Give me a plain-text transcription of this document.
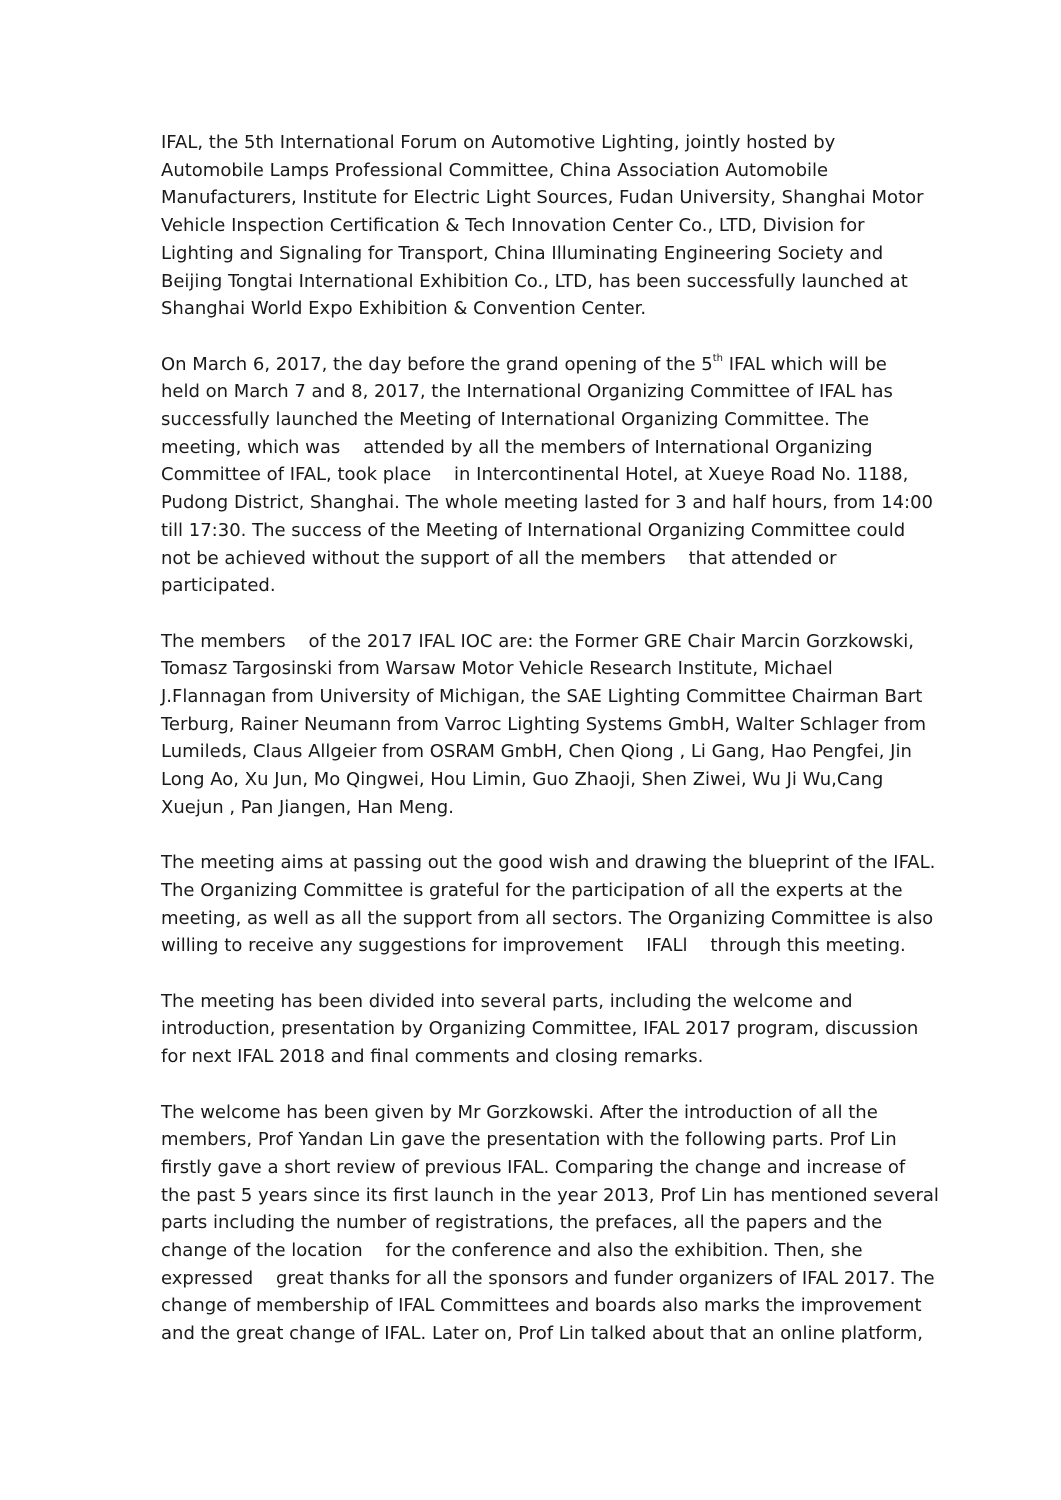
IFAL, the 5th International Forum on Automotive Lighting, jointly hosted by
Automobile Lamps Professional Committee, China Association Automobile
Manufacturers, Institute for Electric Light Sources, Fudan University, Shanghai Motor
Vehicle Inspection Certification & Tech Innovation Center Co., LTD, Division for
Lighting and Signaling for Transport, China Illuminating Engineering Society and
Beijing Tongtai International Exhibition Co., LTD, has been successfully launched at
Shanghai World Expo Exhibition & Convention Center.
On March 6, 2017, the day before the grand opening of the 5th IFAL which will be
held on March 7 and 8, 2017, the International Organizing Committee of IFAL has
successfully launched the Meeting of International Organizing Committee. The
meeting, which was    attended by all the members of International Organizing
Committee of IFAL, took place    in Intercontinental Hotel, at Xueye Road No. 1188,
Pudong District, Shanghai. The whole meeting lasted for 3 and half hours, from 14:00
till 17:30. The success of the Meeting of International Organizing Committee could
not be achieved without the support of all the members    that attended or
participated.
The members    of the 2017 IFAL IOC are: the Former GRE Chair Marcin Gorzkowski,
Tomasz Targosinski from Warsaw Motor Vehicle Research Institute, Michael
J.Flannagan from University of Michigan, the SAE Lighting Committee Chairman Bart
Terburg, Rainer Neumann from Varroc Lighting Systems GmbH, Walter Schlager from
Lumileds, Claus Allgeier from OSRAM GmbH, Chen Qiong , Li Gang, Hao Pengfei, Jin
Long Ao, Xu Jun, Mo Qingwei, Hou Limin, Guo Zhaoji, Shen Ziwei, Wu Ji Wu,Cang
Xuejun , Pan Jiangen, Han Meng.
The meeting aims at passing out the good wish and drawing the blueprint of the IFAL.
The Organizing Committee is grateful for the participation of all the experts at the
meeting, as well as all the support from all sectors. The Organizing Committee is also
willing to receive any suggestions for improvement    IFALl    through this meeting.
The meeting has been divided into several parts, including the welcome and
introduction, presentation by Organizing Committee, IFAL 2017 program, discussion
for next IFAL 2018 and final comments and closing remarks.
The welcome has been given by Mr Gorzkowski. After the introduction of all the
members, Prof Yandan Lin gave the presentation with the following parts. Prof Lin
firstly gave a short review of previous IFAL. Comparing the change and increase of
the past 5 years since its first launch in the year 2013, Prof Lin has mentioned several
parts including the number of registrations, the prefaces, all the papers and the
change of the location    for the conference and also the exhibition. Then, she
expressed    great thanks for all the sponsors and funder organizers of IFAL 2017. The
change of membership of IFAL Committees and boards also marks the improvement
and the great change of IFAL. Later on, Prof Lin talked about that an online platform,
